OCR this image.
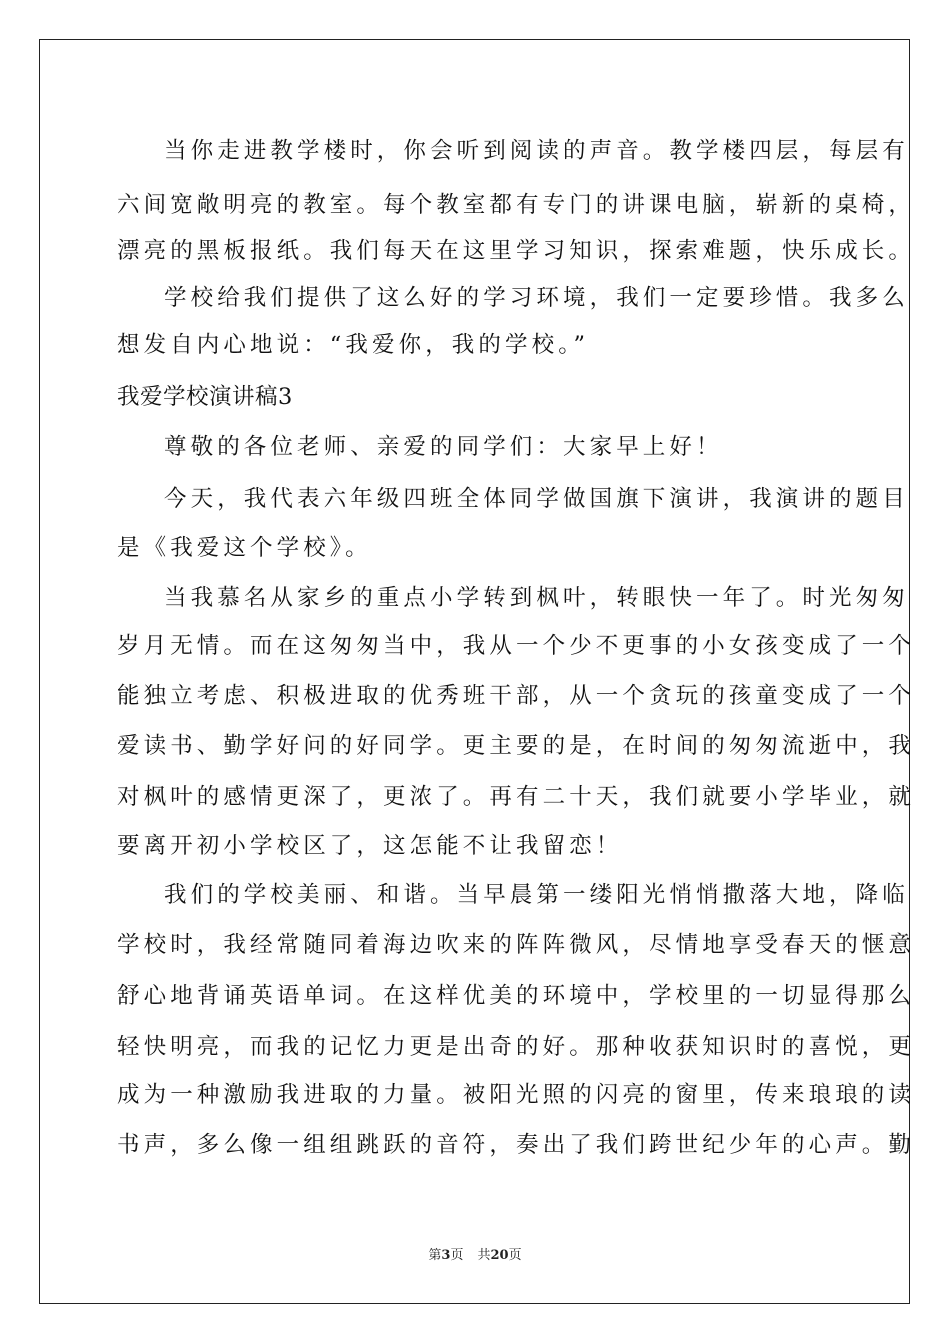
当你走进教学楼时，你会听到阅读的声音。教学楼四层，每层有
六间宽敞明亮的教室。每个教室都有专门的讲课电脑，崭新的桌椅，
漂亮的黑板报纸。我们每天在这里学习知识，探索难题，快乐成长。
学校给我们提供了这么好的学习环境，我们一定要珍惜。我多么
想发自内心地说：“我爱你，我的学校。”
我爱学校演讲稿3
尊敬的各位老师、亲爱的同学们：大家早上好！
今天，我代表六年级四班全体同学做国旗下演讲，我演讲的题目
是《我爱这个学校》。
当我慕名从家乡的重点小学转到枫叶，转眼快一年了。时光匆匆
岁月无情。而在这匆匆当中，我从一个少不更事的小女孩变成了一个
能独立考虑、积极进取的优秀班干部，从一个贪玩的孩童变成了一个
爱读书、勤学好问的好同学。更主要的是，在时间的匆匆流逝中，我
对枫叶的感情更深了，更浓了。再有二十天，我们就要小学毕业，就
要离开初小学校区了，这怎能不让我留恋！
我们的学校美丽、和谐。当早晨第一缕阳光悄悄撒落大地，降临
学校时，我经常随同着海边吹来的阵阵微风，尽情地享受春天的惬意
舒心地背诵英语单词。在这样优美的环境中，学校里的一切显得那么
轻快明亮，而我的记忆力更是出奇的好。那种收获知识时的喜悦，更
成为一种激励我进取的力量。被阳光照的闪亮的窗里，传来琅琅的读
书声，多么像一组组跳跃的音符，奏出了我们跨世纪少年的心声。勤
第3页 共20页
